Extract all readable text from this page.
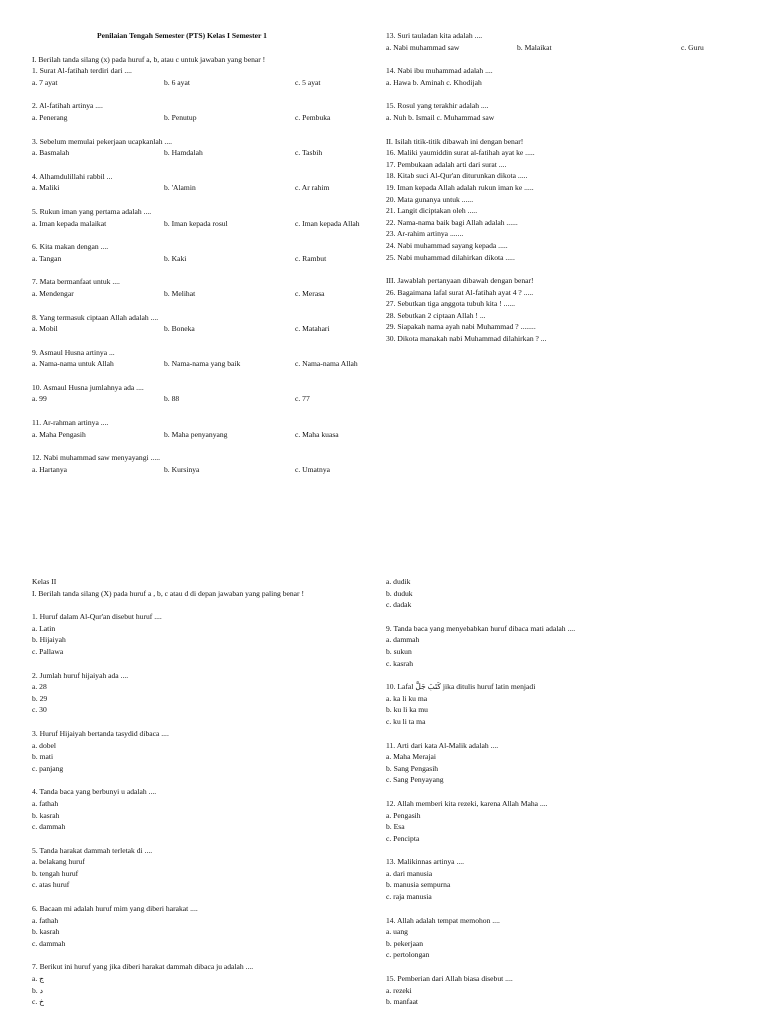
Penilaian Tengah Semester (PTS) Kelas I Semester 1
I. Berilah tanda silang (x) pada huruf a, b, atau c untuk jawaban yang benar !
1. Surat Al-fatihah terdiri dari ....
a. 7 ayat	b. 6 ayat	c. 5 ayat
2. Al-fatihah artinya ....
a. Penerang	b. Penutup	c. Pembuka
3. Sebelum memulai pekerjaan ucapkanlah ....
a. Basmalah	b. Hamdalah	c. Tasbih
4. Alhamdulillahi rabbil ...
a. Maliki	b. 'Alamin	c. Ar rahim
5. Rukun iman yang pertama adalah ....
a. Iman kepada malaikat	b. Iman kepada rosul	c. Iman kepada Allah
6. Kita makan dengan ....
a. Tangan	b. Kaki	c. Rambut
7. Mata bermanfaat untuk ....
a. Mendengar	b. Melihat	c. Merasa
8. Yang termasuk ciptaan Allah adalah ....
a. Mobil	b. Boneka	c. Matahari
9. Asmaul Husna artinya ...
a. Nama-nama untuk Allah	b. Nama-nama yang baik	c. Nama-nama Allah
10. Asmaul Husna jumlahnya ada ....
a. 99	b. 88	c. 77
11. Ar-rahman artinya ....
a. Maha Pengasih	b. Maha penyanyang	c. Maha kuasa
12. Nabi muhammad saw menyayangi .....
a. Hartanya	b. Kursinya	c. Umatnya
13. Suri tauladan kita adalah ....
a. Nabi muhammad saw	b. Malaikat	c. Guru
14. Nabi ibu muhammad adalah ....
a. Hawa b. Aminah c. Khodijah
15. Rosul yang terakhir adalah ....
a. Nuh b. Ismail c. Muhammad saw
II. Isilah titik-titik dibawah ini dengan benar!
16. Maliki yaumiddin surat al-fatihah ayat ke .....
17. Pembukaan adalah arti dari surat ....
18. Kitab suci Al-Qur'an diturunkan dikota .....
19. Iman kepada Allah adalah rukun iman ke .....
20. Mata gunanya untuk ......
21. Langit diciptakan oleh .....
22. Nama-nama baik bagi Allah adalah ......
23. Ar-rahim artinya .......
24. Nabi muhammad sayang kepada .....
25. Nabi muhammad dilahirkan dikota .....
III. Jawablah pertanyaan dibawah dengan benar!
26. Bagaimana lafal surat Al-fatihah ayat 4 ? .....
27. Sebutkan tiga anggota tubuh kita ! ......
28. Sebutkan 2 ciptaan Allah ! ...
29. Siapakah nama ayah nabi Muhammad ? ........
30. Dikota manakah nabi Muhammad dilahirkan ? ...
Kelas II
I. Berilah tanda silang (X) pada huruf a , b, c atau d di depan jawaban yang paling benar !
1. Huruf dalam Al-Qur'an disebut huruf ....
a. Latin
b. Hijaiyah
c. Pallawa
2. Jumlah huruf hijaiyah ada ....
a. 28
b. 29
c. 30
3. Huruf Hijaiyah bertanda tasydid dibaca ....
a. dobel
b. mati
c. panjang
4. Tanda baca yang berbunyi u adalah ....
a. fathah
b. kasrah
c. dammah
5. Tanda harakat dammah terletak di ....
a. belakang huruf
b. tengah huruf
c. atas huruf
6. Bacaan mi adalah huruf mim yang diberi harakat ....
a. fathah
b. kasrah
c. dammah
7. Berikut ini huruf yang jika diberi harakat dammah dibaca ju adalah ....
a. ج
b. د
c. خ
a. dudik
b. duduk
c. dadak
9. Tanda baca yang menyebabkan huruf dibaca mati adalah ....
a. dammah
b. sukun
c. kasrah
10. Lafal كَتَبَ جَلَّ jika ditulis huruf latin menjadi
a. ka li ku ma
b. ku li ka mu
c. ku li ta ma
11. Arti dari kata Al-Malik adalah ....
a. Maha Merajai
b. Sang Pengasih
c. Sang Penyayang
12. Allah memberi kita rezeki, karena Allah Maha ....
a. Pengasih
b. Esa
c. Pencipta
13. Malikinnas artinya ....
a. dari manusia
b. manusia sempurna
c. raja manusia
14. Allah adalah tempat memohon ....
a. uang
b. pekerjaan
c. pertolongan
15. Pemberian dari Allah biasa disebut ....
a. rezeki
b. manfaat
